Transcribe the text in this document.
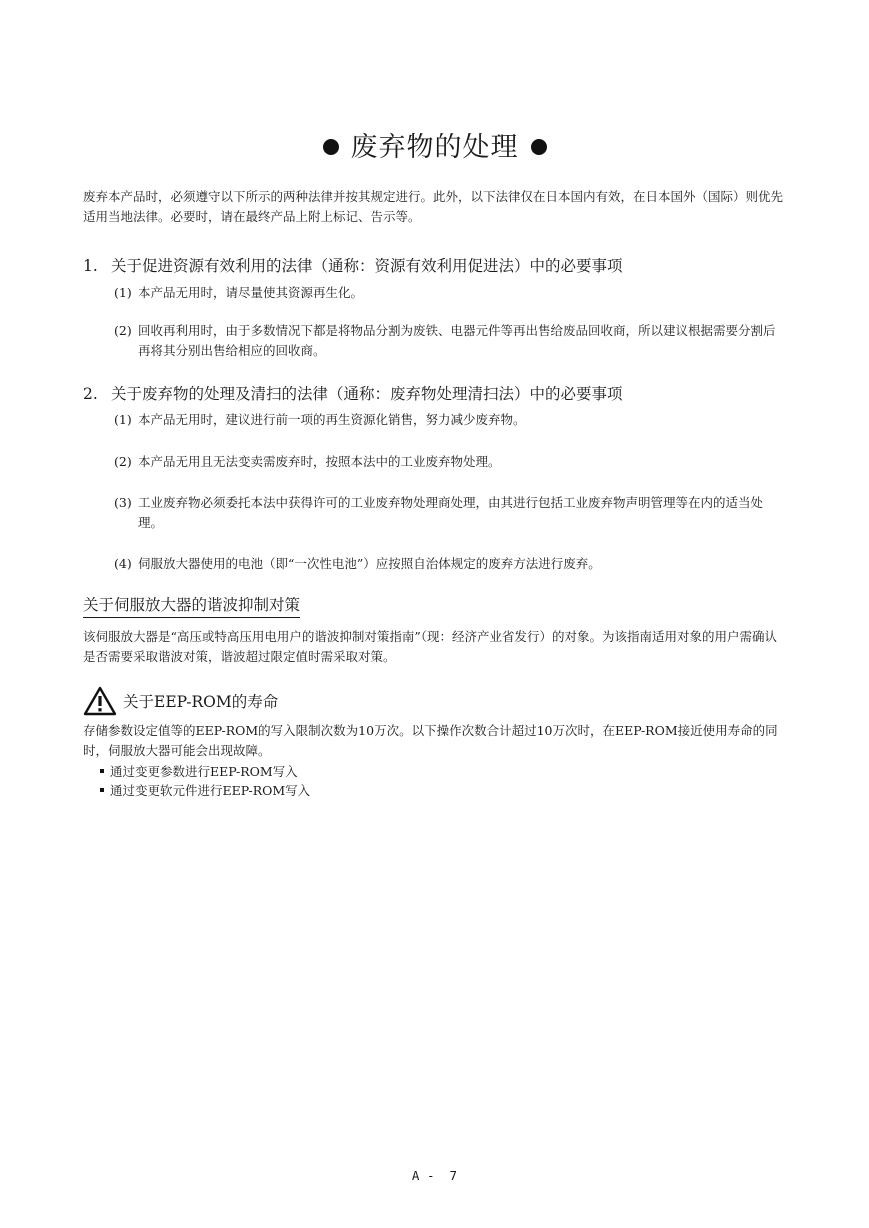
废弃物的处理
废弃本产品时，必须遵守以下所示的两种法律并按其规定进行。此外，以下法律仅在日本国内有效，在日本国外（国际）则优先适用当地法律。必要时，请在最终产品上附上标记、告示等。
1. 关于促进资源有效利用的法律（通称：资源有效利用促进法）中的必要事项
(1) 本产品无用时，请尽量使其资源再生化。
(2) 回收再利用时，由于多数情况下都是将物品分割为废铁、电器元件等再出售给废品回收商，所以建议根据需要分割后再将其分别出售给相应的回收商。
2. 关于废弃物的处理及清扫的法律（通称：废弃物处理清扫法）中的必要事项
(1) 本产品无用时，建议进行前一项的再生资源化销售，努力减少废弃物。
(2) 本产品无用且无法变卖需废弃时，按照本法中的工业废弃物处理。
(3) 工业废弃物必须委托本法中获得许可的工业废弃物处理商处理，由其进行包括工业废弃物声明管理等在内的适当处理。
(4) 伺服放大器使用的电池（即“一次性电池”）应按照自治体规定的废弃方法进行废弃。
关于伺服放大器的谐波抑制对策
该伺服放大器是“高压或特高压用电用户的谐波抑制对策指南”（现：经济产业省发行）的对象。为该指南适用对象的用户需确认是否需要采取谐波对策，谐波超过限定值时需采取对策。
关于EEP-ROM的寿命
存储参数设定值等的EEP-ROM的写入限制次数为10万次。以下操作次数合计超过10万次时，在EEP-ROM接近使用寿命的同时，伺服放大器可能会出现故障。
通过变更参数进行EEP-ROM写入
通过变更软元件进行EEP-ROM写入
A -  7
